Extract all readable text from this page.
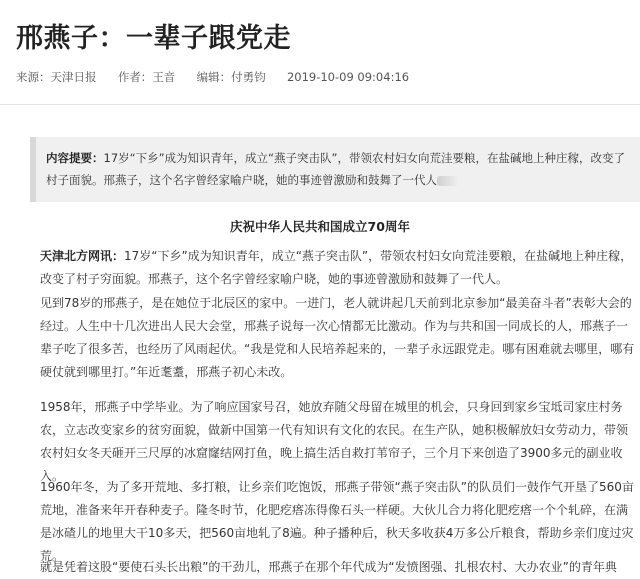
邢燕子：一辈子跟党走
来源：天津日报 作者：王音 编辑：付勇钧 2019-10-09 09:04:16
内容提要：17岁“下乡”成为知识青年，成立“燕子突击队”，带领农村妇女向荒洼要粮，在盐碱地上种庄稼，改变了村子面貌。邢燕子，这个名字曾经家喻户晓，她的事迹曾激励和鼓舞了一代人
庆祝中华人民共和国成立70周年

天津北方网讯：17岁“下乡”成为知识青年，成立“燕子突击队”，带领农村妇女向荒洼要粮，在盐碱地上种庄稼，改变了村子穷面貌。邢燕子，这个名字曾经家喻户晓，她的事迹曾激励和鼓舞了一代人。

见到78岁的邢燕子，是在她位于北辰区的家中。一进门，老人就讲起几天前到北京参加“最美奋斗者”表彰大会的经过。人生中十几次进出人民大会堂，邢燕子说每一次心情都无比激动。作为与共和国一同成长的人，邢燕子一辈子吃了很多苦，也经历了风雨起伏。“我是党和人民培养起来的，一辈子永远跟党走。哪有困难就去哪里，哪有硬仗就到哪里打。”年近耄耋，邢燕子初心未改。

1958年，邢燕子中学毕业。为了响应国家号召，她放弃随父母留在城里的机会，只身回到家乡宝坻司家庄村务农，立志改变家乡的贫穷面貌，做新中国第一代有知识有文化的农民。在生产队，她积极解放妇女劳动力，带领农村妇女冬天砸开三尺厚的冰窟窿结网打鱼，晚上搞生活自救打苇帘子，三个月下来创造了3900多元的副业收入。

1960年冬，为了多开荒地、多打粮，让乡亲们吃饱饭，邢燕子带领“燕子突击队”的队员们一鼓作气开垦了560亩荒地，准备来年开春种麦子。隆冬时节，化肥疙瘩冻得像石头一样硬。大伙儿合力将化肥疙瘩一个个轧碎，在满是冰碴儿的地里大干10多天，把560亩地轧了8遍。种子播种后，秋天多收获4万多公斤粮食，帮助乡亲们度过灾荒。

就是凭着这股“要使石头长出粮”的干劲儿，邢燕子在那个年代成为“发愤图强、扎根农村、大办农业”的青年典
